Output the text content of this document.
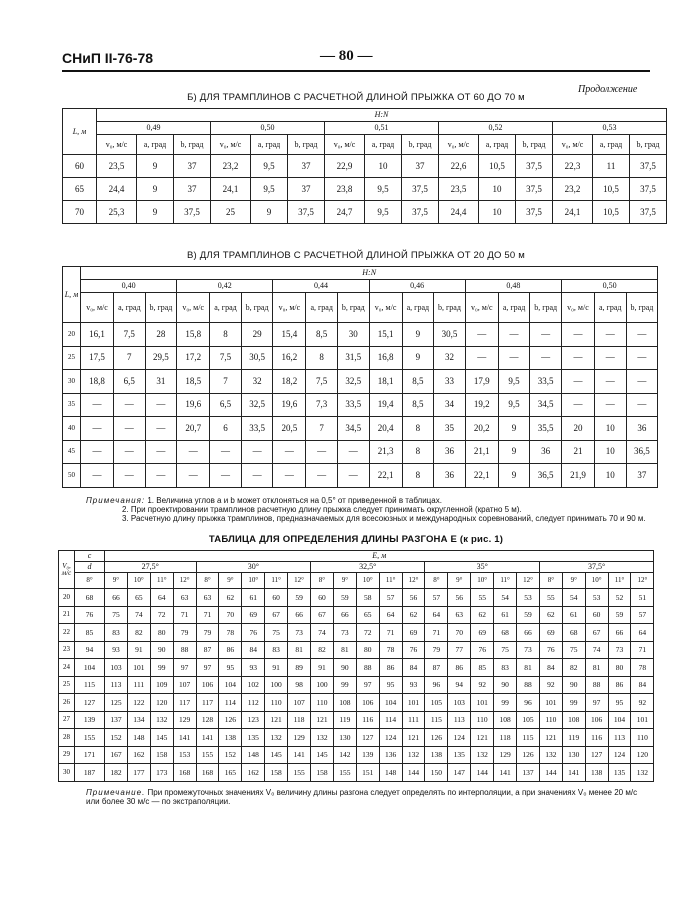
СНиП II-76-78	— 80 —
Продолжение
Б) ДЛЯ ТРАМПЛИНОВ С РАСЧЕТНОЙ ДЛИНОЙ ПРЫЖКА ОТ 60 ДО 70 м
L, м	H:N														
	0,49			0,50			0,51			0,52			0,53		
	v₀, м/с	a, град	b, град	v₀, м/с	a, град	b, град	v₀, м/с	a, град	b, град	v₀, м/с	a, град	b, град	v₀, м/с	a, град	b, град
60	23,5	9	37	23,2	9,5	37	22,9	10	37	22,6	10,5	37,5	22,3	11	37,5
65	24,4	9	37	24,1	9,5	37	23,8	9,5	37,5	23,5	10	37,5	23,2	10,5	37,5
70	25,3	9	37,5	25	9	37,5	24,7	9,5	37,5	24,4	10	37,5	24,1	10,5	37,5
В) ДЛЯ ТРАМПЛИНОВ С РАСЧЕТНОЙ ДЛИНОЙ ПРЫЖКА ОТ 20 ДО 50 м
L, м	H:N																	
	0,40			0,42			0,44			0,46			0,48			0,50		
	v₀, м/с	a, град	b, град	v₀, м/с	a, град	b, град	v₀, м/с	a, град	b, град	v₀, м/с	a, град	b, град	v₀, м/с	a, град	b, град	v₀, м/с	a, град	b, град
20	16,1	7,5	28	15,8	8	29	15,4	8,5	30	15,1	9	30,5	—	—	—	—	—	—
25	17,5	7	29,5	17,2	7,5	30,5	16,2	8	31,5	16,8	9	32	—	—	—	—	—	—
30	18,8	6,5	31	18,5	7	32	18,2	7,5	32,5	18,1	8,5	33	17,9	9,5	33,5	—	—	—
35	—	—	—	19,6	6,5	32,5	19,6	7,3	33,5	19,4	8,5	34	19,2	9,5	34,5	—	—	—
40	—	—	—	20,7	6	33,5	20,5	7	34,5	20,4	8	35	20,2	9	35,5	20	10	36
45	—	—	—	—	—	—	—	—	—	21,3	8	36	21,1	9	36	21	10	36,5
50	—	—	—	—	—	—	—	—	—	22,1	8	36	22,1	9	36,5	21,9	10	37
Примечания: 1. Величина углов a и b может отклоняться на 0,5° от приведенной в таблицах.
2. При проектировании трамплинов расчетную длину прыжка следует принимать округленной (кратно 5 м).
3. Расчетную длину прыжка трамплинов, предназначаемых для всесоюзных и международных соревнований, следует принимать 70 и 90 м.
ТАБЛИЦА ДЛЯ ОПРЕДЕЛЕНИЯ ДЛИНЫ РАЗГОНА E (к рис. 1)
V₀, м/с	c	E, м																							
	d	27,5°				30°					32,5°					35°					37,5°				
	8°	9°	10°	11°	12°	8°	9°	10°	11°	12°	8°	9°	10°	11°	12°	8°	9°	10°	11°	12°	8°	9°	10°	11°	12°
20	68	66	65	64	63	63	62	61	60	59	60	59	58	57	56	57	56	55	54	53	55	54	53	52	51
21	76	75	74	72	71	71	70	69	67	66	67	66	65	64	62	64	63	62	61	59	62	61	60	59	57
22	85	83	82	80	79	79	78	76	75	73	74	73	72	71	69	71	70	69	68	66	69	68	67	66	64
23	94	93	91	90	88	87	86	84	83	81	82	81	80	78	76	79	77	76	75	73	76	75	74	73	71
24	104	103	101	99	97	97	95	93	91	89	91	90	88	86	84	87	86	85	83	81	84	82	81	80	78
25	115	113	111	109	107	106	104	102	100	98	100	99	97	95	93	96	94	92	90	88	92	90	88	86	84
26	127	125	122	120	117	117	114	112	110	107	110	108	106	104	101	105	103	101	99	96	101	99	97	95	92
27	139	137	134	132	129	128	126	123	121	118	121	119	116	114	111	115	113	110	108	105	110	108	106	104	101
28	155	152	148	145	141	141	138	135	132	129	132	130	127	124	121	126	124	121	118	115	121	119	116	113	110
29	171	167	162	158	153	155	152	148	145	141	145	142	139	136	132	138	135	132	129	126	132	130	127	124	120
30	187	182	177	173	168	168	165	162	158	155	158	155	151	148	144	150	147	144	141	137	144	141	138	135	132
Примечание. При промежуточных значениях V₀ величину длины разгона следует определять по интерполяции, а при значениях V₀ менее 20 м/с или более 30 м/с — по экстраполяции.
